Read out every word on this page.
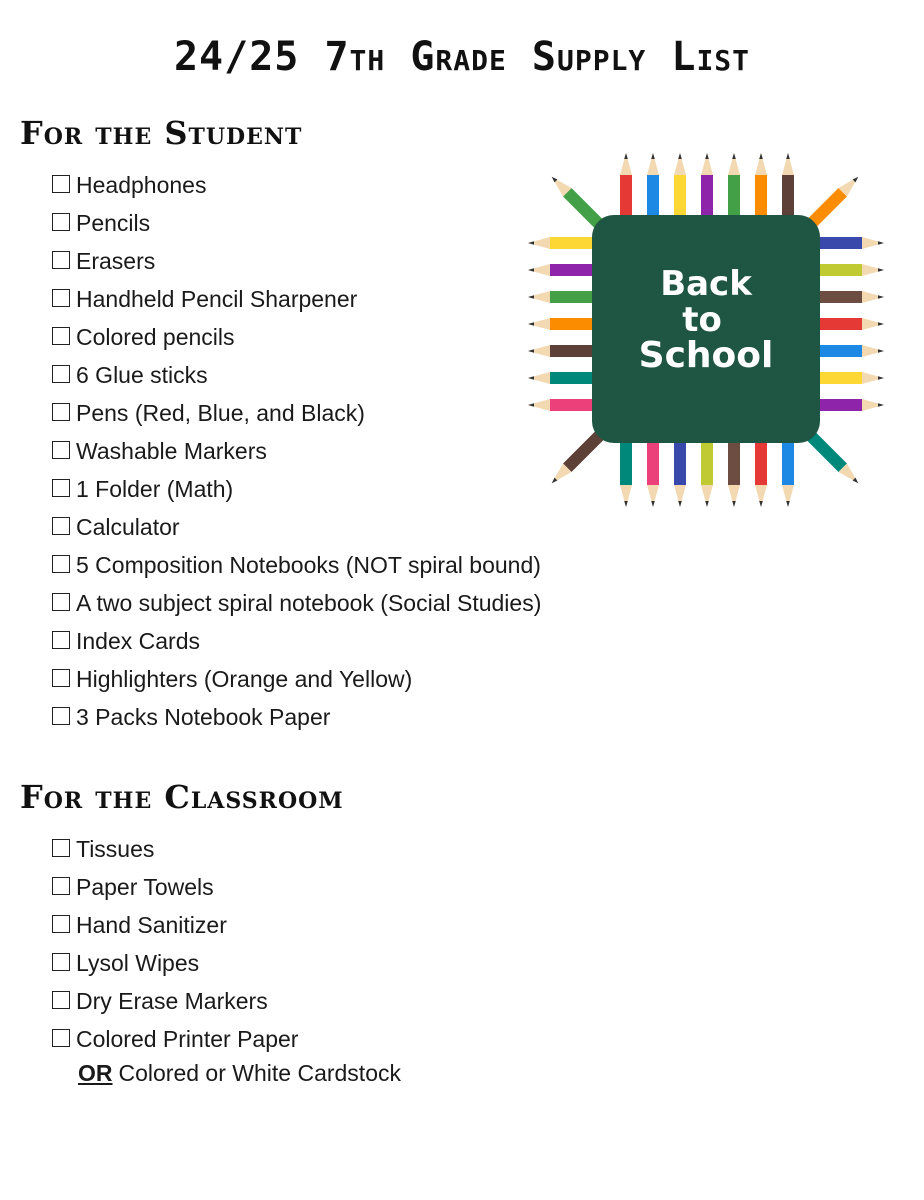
24/25 7th Grade Supply List
For the Student
Headphones
Pencils
Erasers
Handheld Pencil Sharpener
Colored pencils
6 Glue sticks
Pens (Red, Blue, and Black)
Washable Markers
1 Folder (Math)
Calculator
5 Composition Notebooks (NOT spiral bound)
A two subject spiral notebook (Social Studies)
Index Cards
Highlighters (Orange and Yellow)
3 Packs Notebook Paper
For the Classroom
Tissues
Paper Towels
Hand Sanitizer
Lysol Wipes
Dry Erase Markers
Colored Printer Paper
OR Colored or White Cardstock
Back
to
School
